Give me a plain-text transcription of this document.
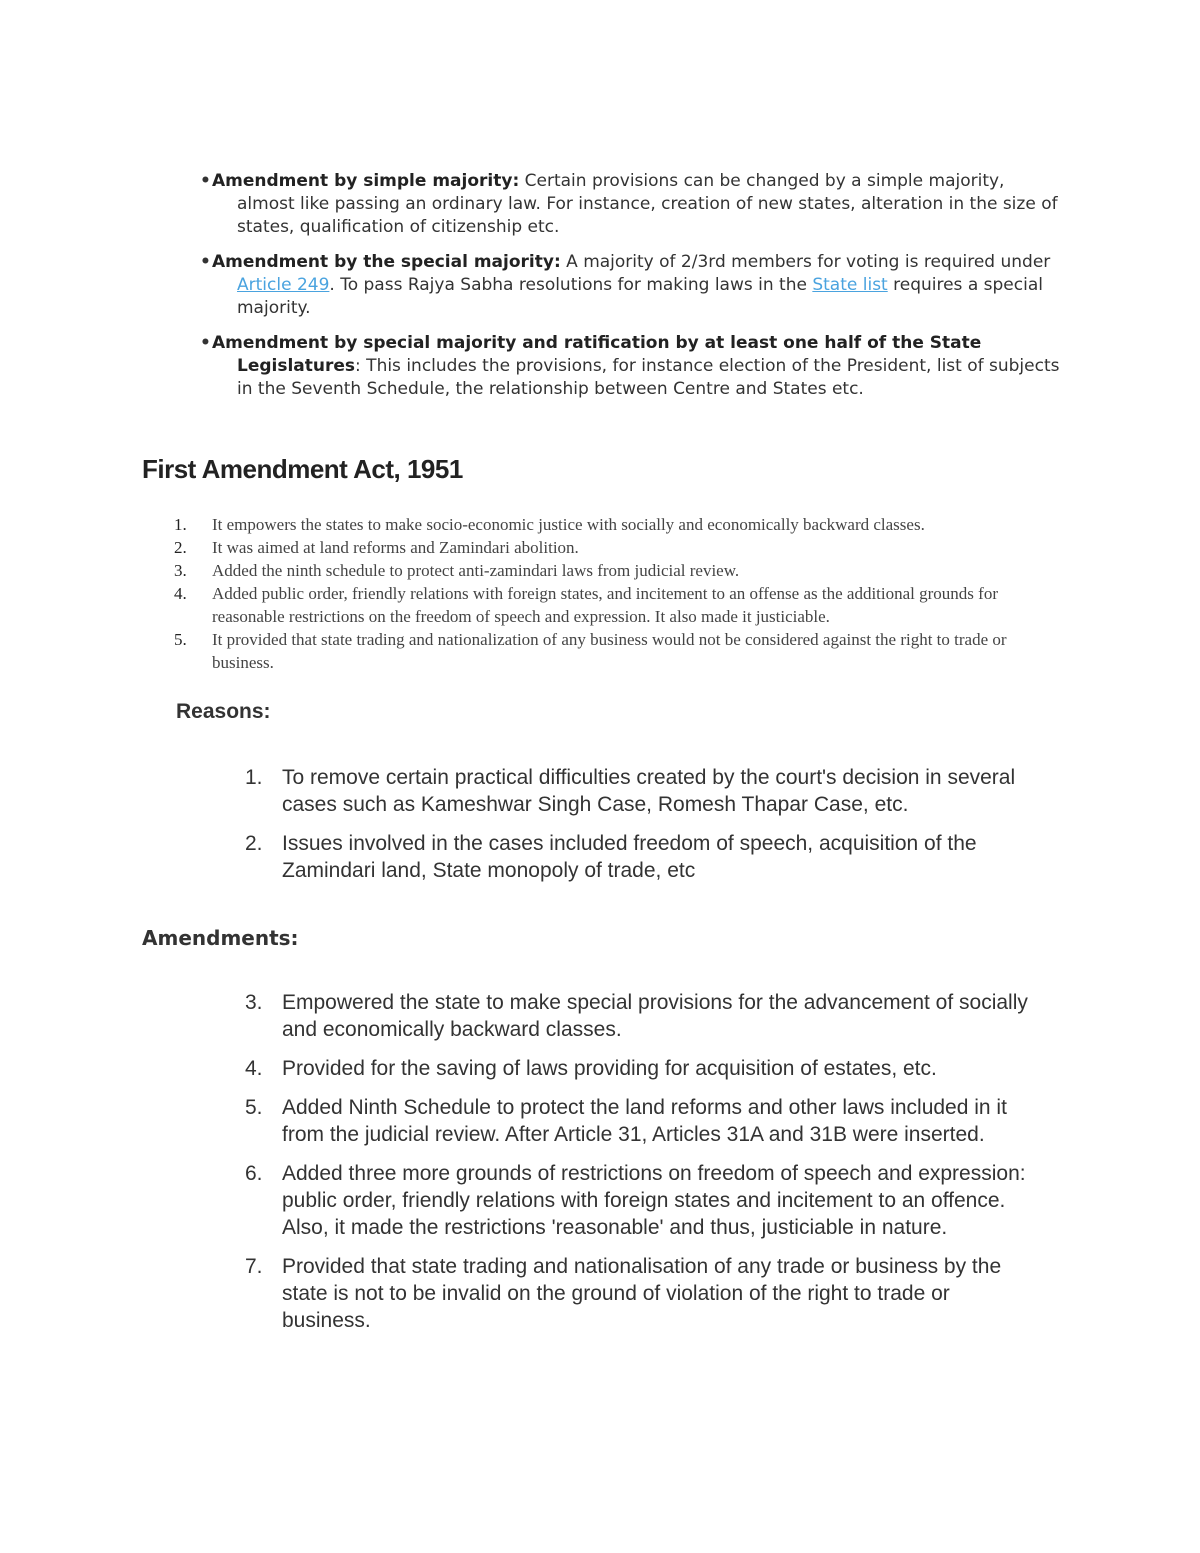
• Amendment by simple majority: Certain provisions can be changed by a simple majority, almost like passing an ordinary law. For instance, creation of new states, alteration in the size of states, qualification of citizenship etc.
• Amendment by the special majority: A majority of 2/3rd members for voting is required under Article 249. To pass Rajya Sabha resolutions for making laws in the State list requires a special majority.
• Amendment by special majority and ratification by at least one half of the State Legislatures: This includes the provisions, for instance election of the President, list of subjects in the Seventh Schedule, the relationship between Centre and States etc.
First Amendment Act, 1951
1. It empowers the states to make socio-economic justice with socially and economically backward classes.
2. It was aimed at land reforms and Zamindari abolition.
3. Added the ninth schedule to protect anti-zamindari laws from judicial review.
4. Added public order, friendly relations with foreign states, and incitement to an offense as the additional grounds for reasonable restrictions on the freedom of speech and expression. It also made it justiciable.
5. It provided that state trading and nationalization of any business would not be considered against the right to trade or business.
Reasons:
1. To remove certain practical difficulties created by the court's decision in several cases such as Kameshwar Singh Case, Romesh Thapar Case, etc.
2. Issues involved in the cases included freedom of speech, acquisition of the Zamindari land, State monopoly of trade, etc
Amendments:
3. Empowered the state to make special provisions for the advancement of socially and economically backward classes.
4. Provided for the saving of laws providing for acquisition of estates, etc.
5. Added Ninth Schedule to protect the land reforms and other laws included in it from the judicial review. After Article 31, Articles 31A and 31B were inserted.
6. Added three more grounds of restrictions on freedom of speech and expression: public order, friendly relations with foreign states and incitement to an offence. Also, it made the restrictions 'reasonable' and thus, justiciable in nature.
7. Provided that state trading and nationalisation of any trade or business by the state is not to be invalid on the ground of violation of the right to trade or business.
